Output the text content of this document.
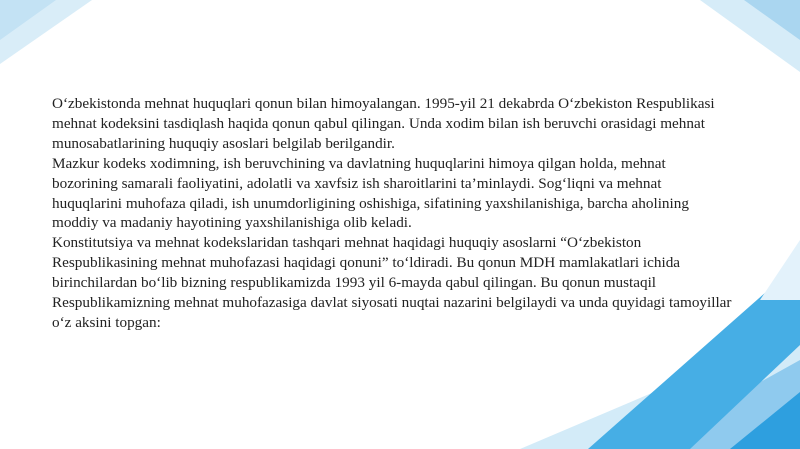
O‘zbekistonda mehnat huquqlari qonun bilan himoyalangan. 1995-yil 21 dekabrda O‘zbekiston Respublikasi mehnat kodeksini tasdiqlash haqida qonun qabul qilingan. Unda xodim bilan ish beruvchi orasidagi mehnat munosabatlarining huquqiy asoslari belgilab berilgandir.

Mazkur kodeks xodimning, ish beruvchining va davlatning huquqlarini himoya qilgan holda, mehnat bozorining samarali faoliyatini, adolatli va xavfsiz ish sharoitlarini ta’minlaydi. Sog‘liqni va mehnat huquqlarini muhofaza qiladi, ish unumdorligining oshishiga, sifatining yaxshilanishiga, barcha aholining moddiy va madaniy hayotining yaxshilanishiga olib keladi.

Konstitutsiya va mehnat kodekslaridan tashqari mehnat haqidagi huquqiy asoslarni “O‘zbekiston Respublikasining mehnat muhofazasi haqidagi qonuni” to‘ldiradi. Bu qonun MDH mamlakatlari ichida birinchilardan bo‘lib bizning respublikamizda 1993 yil 6-mayda qabul qilingan. Bu qonun mustaqil Respublikamizning mehnat muhofazasiga davlat siyosati nuqtai nazarini belgilaydi va unda quyidagi tamoyillar o‘z aksini topgan:
